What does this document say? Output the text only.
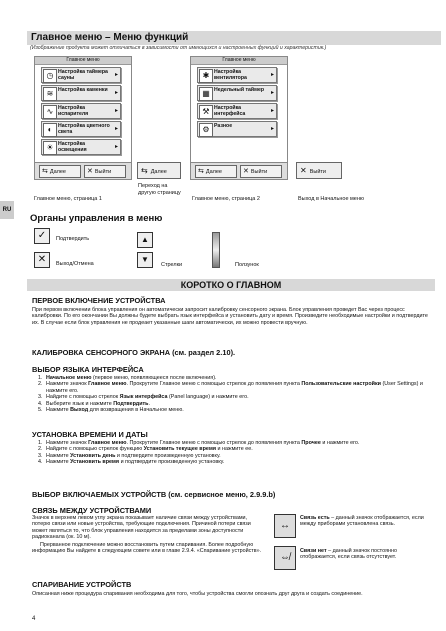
Главное меню – Меню функций
(Изображение продукта может отличаться в зависимости от имеющихся и настроенных функций и характеристик.)
Главное меню
◷ Настройка таймера сауны	▸
≋ Настройка каменки	▸
∿ Настройка испарителя	▸
◐	Настройка цветного света	▸
☀ Настройка освещения	▸
⇆ Далее	✕ Выйти	⇆ Далее
Главное меню
✱ Настройка вентилятора	▸
▦ Недельный таймер	▸
⚒ Настройка интерфейса	▸
⚙ Разное	▸
⇆ Далее	✕ Выйти	✕ Выйти
Главное меню, страница 1
Переход на другую страницу
Главное меню, страница 2	Выход в Начальное меню
RU
Органы управления в меню
✓	Подтвердить
✕	Выход/Отмена
▲
▼
Стрелки	Ползунок
КОРОТКО О ГЛАВНОМ
ПЕРВОЕ ВКЛЮЧЕНИЕ УСТРОЙСТВА

При первом включении блока управления он автоматически запросит калибровку сенсорного экрана. Блок управления проведет Вас через процесс калибровки. По его окончании Вы должны будете выбрать язык интерфейса и установить дату и время. Произведите необходимые настройки и подтвердите их. В случае если блок управления не продеает указанные шаги автоматически, их можно провести вручную.

КАЛИБРОВКА СЕНСОРНОГО ЭКРАНА (см. раздел 2.10).
ВЫБОР ЯЗЫКА ИНТЕРФЕЙСА
1. Начальное меню (первое меню, появляющееся после включения).
2. Нажмите значок Главное меню. Прокрутите Главное меню с помощью стрелок до появления пункта Пользовательские настройки (User Settings) и нажмите его.
3. Найдите с помощью стрелок Язык интерфейса (Panel language) и нажмите его.
4. Выберите язык и нажмите Подтвердить.
5. Нажмите Выход для возвращения в Начальное меню.
УСТАНОВКА ВРЕМЕНИ И ДАТЫ
1. Нажмите значок Главное меню. Прокрутите Главное меню с помощью стрелок до появления пункта Прочее и нажмите его.
2. Найдите с помощью стрелок функцию Установить текущее время и нажмите ее.
3. Нажмите Установить день и подтвердите произведенную установку.
4. Нажмите Установить время и подтвердите произведенную установку.
ВЫБОР ВКЛЮЧАЕМЫХ УСТРОЙСТВ (см. сервисное меню, 2.9.9.b)
СВЯЗЬ МЕЖДУ УСТРОЙСТВАМИ

Значок в верхнем левом углу экрана показывает наличие связи между устройствами, потерю связи или новые устройства, требующие подключения. Причиной потери связи может являться то, что блок управления находится за пределами зоны доступности радиоканала (ок. 10 м).

Прерванное подключение можно восстановить путем спаривания. Более подробную информацию Вы найдете в следующем совете или в главе 2.9.4. «Спаривание устройств».

↔

Связь есть – данный значок отображается, если между приборами установлена связь.

⇎

Связи нет – данный значок постоянно отображается, если связь отсутствует.

СПАРИВАНИЕ УСТРОЙСТВ

Описанная ниже процедура спаривания необходима для того, чтобы устройства смогли опознать друг друга и создать соединение.

4
